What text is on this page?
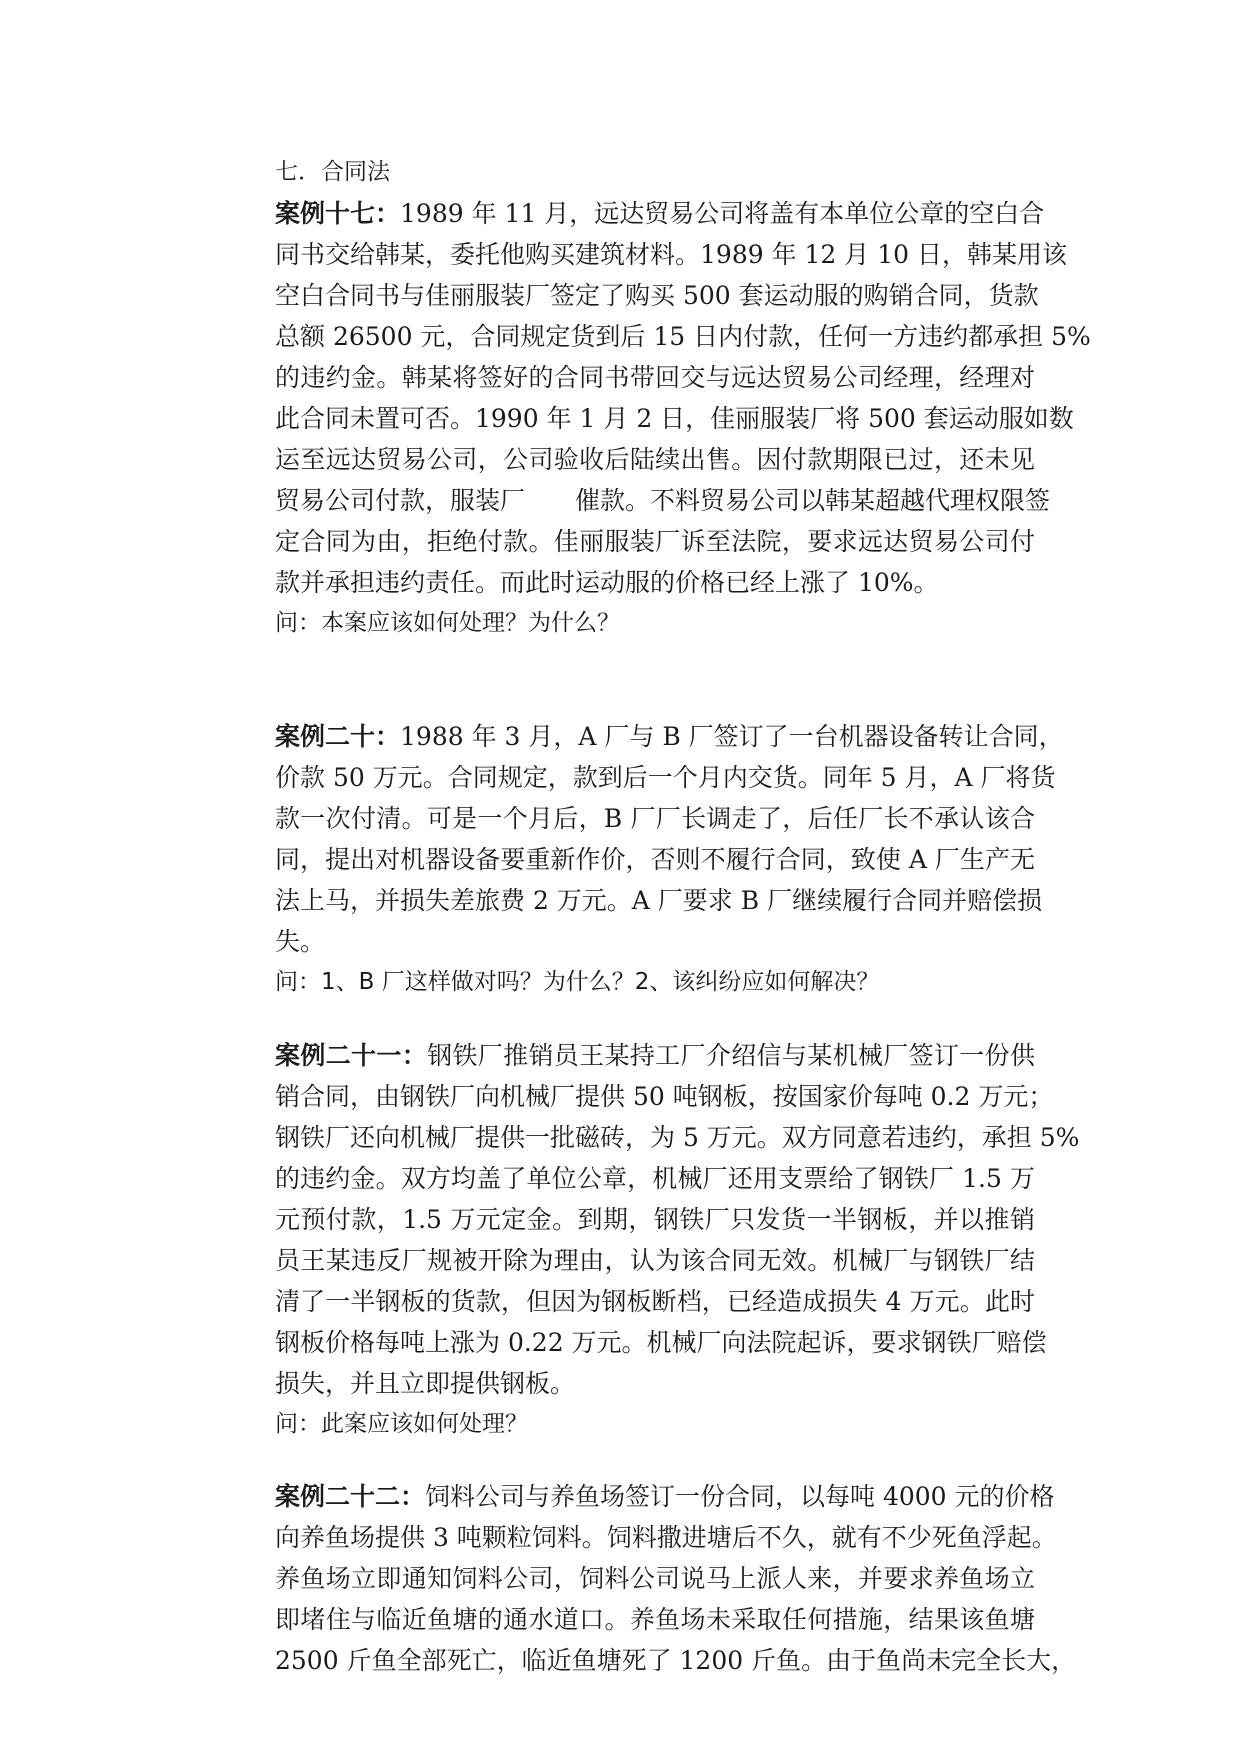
七．合同法
案例十七：1989 年 11 月，远达贸易公司将盖有本单位公章的空白合
同书交给韩某，委托他购买建筑材料。1989 年 12 月 10 日，韩某用该
空白合同书与佳丽服装厂签定了购买 500 套运动服的购销合同，货款
总额 26500 元，合同规定货到后 15 日内付款，任何一方违约都承担 5%
的违约金。韩某将签好的合同书带回交与远达贸易公司经理，经理对
此合同未置可否。1990 年 1 月 2 日，佳丽服装厂将 500 套运动服如数
运至远达贸易公司，公司验收后陆续出售。因付款期限已过，还未见
贸易公司付款，服装厂　　催款。不料贸易公司以韩某超越代理权限签
定合同为由，拒绝付款。佳丽服装厂诉至法院，要求远达贸易公司付
款并承担违约责任。而此时运动服的价格已经上涨了 10%。
问：本案应该如何处理？为什么？
案例二十：1988 年 3 月，A 厂与 B 厂签订了一台机器设备转让合同，
价款 50 万元。合同规定，款到后一个月内交货。同年 5 月，A 厂将货
款一次付清。可是一个月后，B 厂厂长调走了，后任厂长不承认该合
同，提出对机器设备要重新作价，否则不履行合同，致使 A 厂生产无
法上马，并损失差旅费 2 万元。A 厂要求 B 厂继续履行合同并赔偿损
失。
问：1、B 厂这样做对吗？为什么？2、该纠纷应如何解决？
案例二十一：钢铁厂推销员王某持工厂介绍信与某机械厂签订一份供
销合同，由钢铁厂向机械厂提供 50 吨钢板，按国家价每吨 0.2 万元；
钢铁厂还向机械厂提供一批磁砖，为 5 万元。双方同意若违约，承担 5%
的违约金。双方均盖了单位公章，机械厂还用支票给了钢铁厂 1.5 万
元预付款，1.5 万元定金。到期，钢铁厂只发货一半钢板，并以推销
员王某违反厂规被开除为理由，认为该合同无效。机械厂与钢铁厂结
清了一半钢板的货款，但因为钢板断档，已经造成损失 4 万元。此时
钢板价格每吨上涨为 0.22 万元。机械厂向法院起诉，要求钢铁厂赔偿
损失，并且立即提供钢板。
问：此案应该如何处理？
案例二十二：饲料公司与养鱼场签订一份合同，以每吨 4000 元的价格
向养鱼场提供 3 吨颗粒饲料。饲料撒进塘后不久，就有不少死鱼浮起。
养鱼场立即通知饲料公司，饲料公司说马上派人来，并要求养鱼场立
即堵住与临近鱼塘的通水道口。养鱼场未采取任何措施，结果该鱼塘
2500 斤鱼全部死亡，临近鱼塘死了 1200 斤鱼。由于鱼尚未完全长大，
